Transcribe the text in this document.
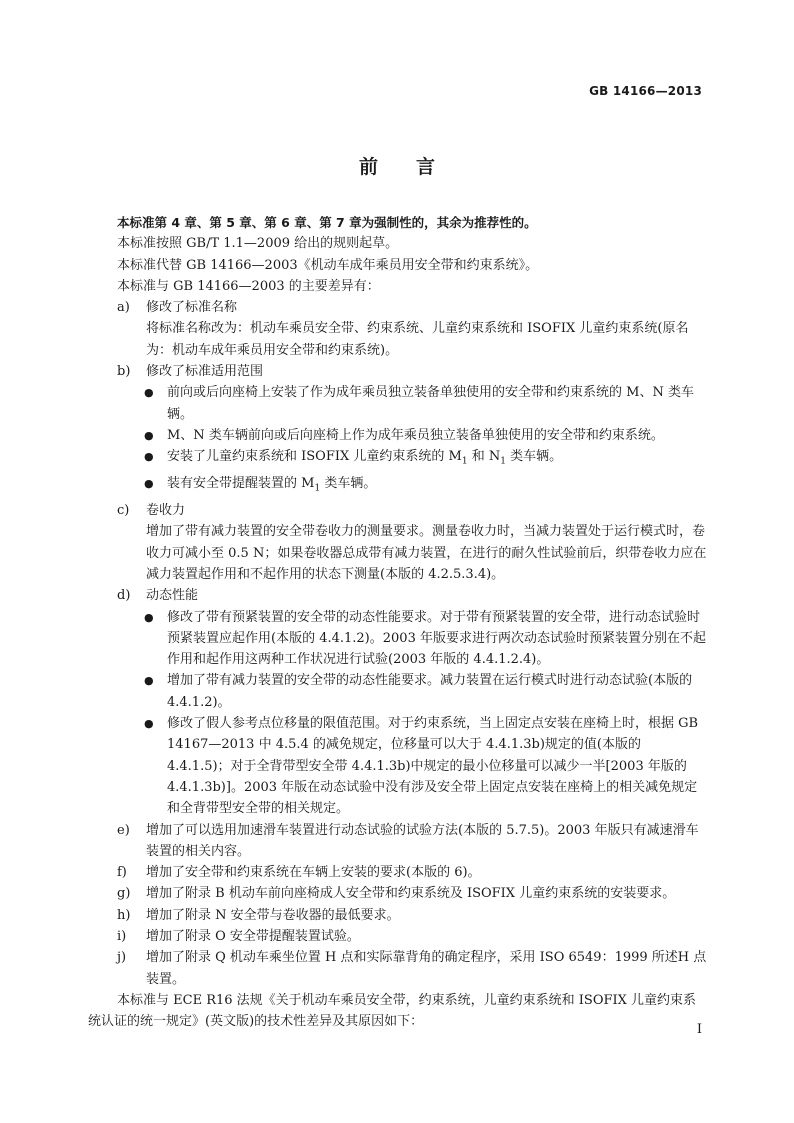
GB 14166—2013
前　　言

本标准第 4 章、第 5 章、第 6 章、第 7 章为强制性的，其余为推荐性的。

本标准按照 GB/T 1.1—2009 给出的规则起草。

本标准代替 GB 14166—2003《机动车成年乘员用安全带和约束系统》。

本标准与 GB 14166—2003 的主要差异有：

a) 修改了标准名称

将标准名称改为：机动车乘员安全带、约束系统、儿童约束系统和 ISOFIX 儿童约束系统(原名为：机动车成年乘员用安全带和约束系统)。

b) 修改了标准适用范围

● 前向或后向座椅上安装了作为成年乘员独立装备单独使用的安全带和约束系统的 M、N 类车辆。

● M、N 类车辆前向或后向座椅上作为成年乘员独立装备单独使用的安全带和约束系统。

● 安装了儿童约束系统和 ISOFIX 儿童约束系统的 $M_1$ 和 $N_1$ 类车辆。

● 装有安全带提醒装置的 $M_1$ 类车辆。

c) 卷收力

增加了带有减力装置的安全带卷收力的测量要求。测量卷收力时，当减力装置处于运行模式时，卷收力可减小至 0.5 N；如果卷收器总成带有减力装置，在进行的耐久性试验前后，织带卷收力应在减力装置起作用和不起作用的状态下测量(本版的 4.2.5.3.4)。

d) 动态性能

● 修改了带有预紧装置的安全带的动态性能要求。对于带有预紧装置的安全带，进行动态试验时预紧装置应起作用(本版的 4.4.1.2)。2003 年版要求进行两次动态试验时预紧装置分别在不起作用和起作用这两种工作状况进行试验(2003 年版的 4.4.1.2.4)。

● 增加了带有减力装置的安全带的动态性能要求。减力装置在运行模式时进行动态试验(本版的 4.4.1.2)。

● 修改了假人参考点位移量的限值范围。对于约束系统，当上固定点安装在座椅上时，根据 GB 14167—2013 中 4.5.4 的减免规定，位移量可以大于 4.4.1.3b)规定的值(本版的 4.4.1.5)；对于全背带型安全带 4.4.1.3b)中规定的最小位移量可以减少一半[2003 年版的 4.4.1.3b)]。2003 年版在动态试验中没有涉及安全带上固定点安装在座椅上的相关减免规定和全背带型安全带的相关规定。

e) 增加了可以选用加速滑车装置进行动态试验的试验方法(本版的 5.7.5)。2003 年版只有减速滑车装置的相关内容。

f) 增加了安全带和约束系统在车辆上安装的要求(本版的 6)。

g) 增加了附录 B 机动车前向座椅成人安全带和约束系统及 ISOFIX 儿童约束系统的安装要求。

h) 增加了附录 N 安全带与卷收器的最低要求。

i) 增加了附录 O 安全带提醒装置试验。

j) 增加了附录 Q 机动车乘坐位置 H 点和实际靠背角的确定程序，采用 ISO 6549：1999 所述H 点装置。

本标准与 ECE R16 法规《关于机动车乘员安全带，约束系统，儿童约束系统和 ISOFIX 儿童约束系统认证的统一规定》(英文版)的技术性差异及其原因如下：

I
